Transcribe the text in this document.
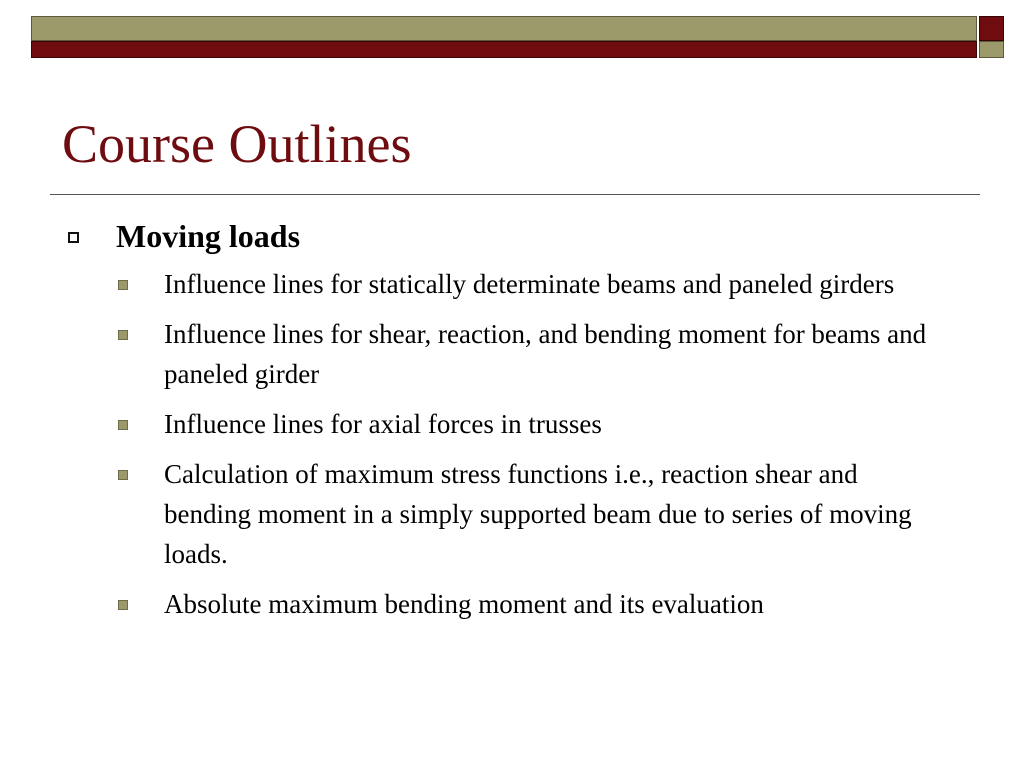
Course Outlines
Moving loads
Influence lines for statically determinate beams and paneled girders
Influence lines for shear, reaction, and bending moment for beams and paneled girder
Influence lines for axial forces in trusses
Calculation of maximum stress functions i.e., reaction shear and bending moment in a simply supported beam due to series of moving loads.
Absolute maximum bending moment and its evaluation
